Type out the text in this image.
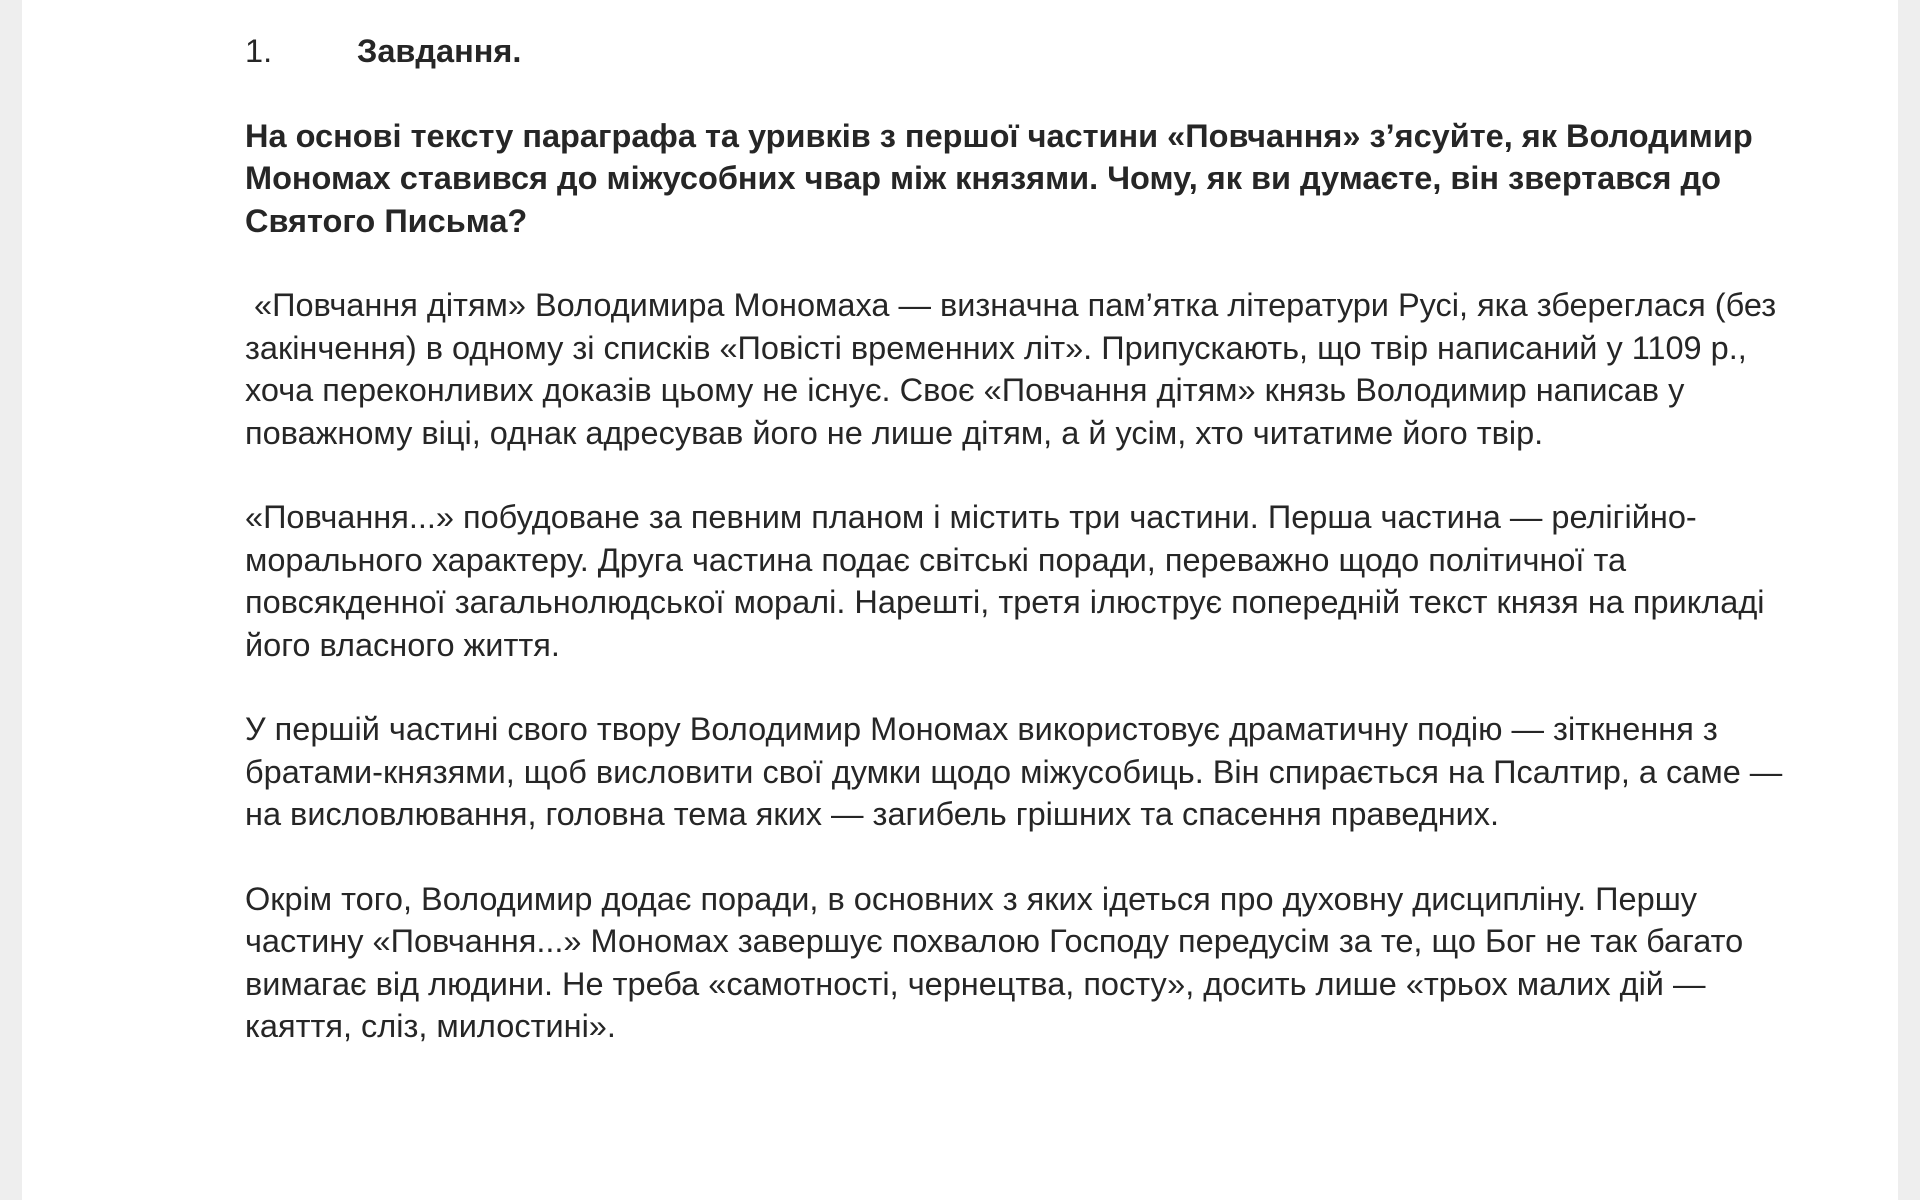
1.	Завдання.

На основі тексту параграфа та уривків з першої частини «Повчання» з’ясуйте, як Володимир Мономах ставився до міжусобних чвар між князями. Чому, як ви думаєте, він звертався до Святого Письма?

«Повчання дітям» Володимира Мономаха — визначна пам’ятка літератури Русі, яка збереглася (без закінчення) в одному зі списків «Повісті временних літ». Припускають, що твір написаний у 1109 р., хоча переконливих доказів цьому не існує. Своє «Повчання дітям» князь Володимир написав у поважному віці, однак адресував його не лише дітям, а й усім, хто читатиме його твір.

«Повчання...» побудоване за певним планом і містить три частини. Перша частина — релігійно-морального характеру. Друга частина подає світські поради, переважно щодо політичної та повсякденної загальнолюдської моралі. Нарешті, третя ілюструє попередній текст князя на прикладі його власного життя.

У першій частині свого твору Володимир Мономах використовує драматичну подію — зіткнення з братами-князями, щоб висловити свої думки щодо міжусобиць. Він спирається на Псалтир, а саме — на висловлювання, головна тема яких — загибель грішних та спасення праведних.

Окрім того, Володимир додає поради, в основних з яких ідеться про духовну дисципліну. Першу частину «Повчання...» Мономах завершує похвалою Господу передусім за те, що Бог не так багато вимагає від людини. Не треба «самотності, чернецтва, посту», досить лише «трьох малих дій — каяття, сліз, милостині».
